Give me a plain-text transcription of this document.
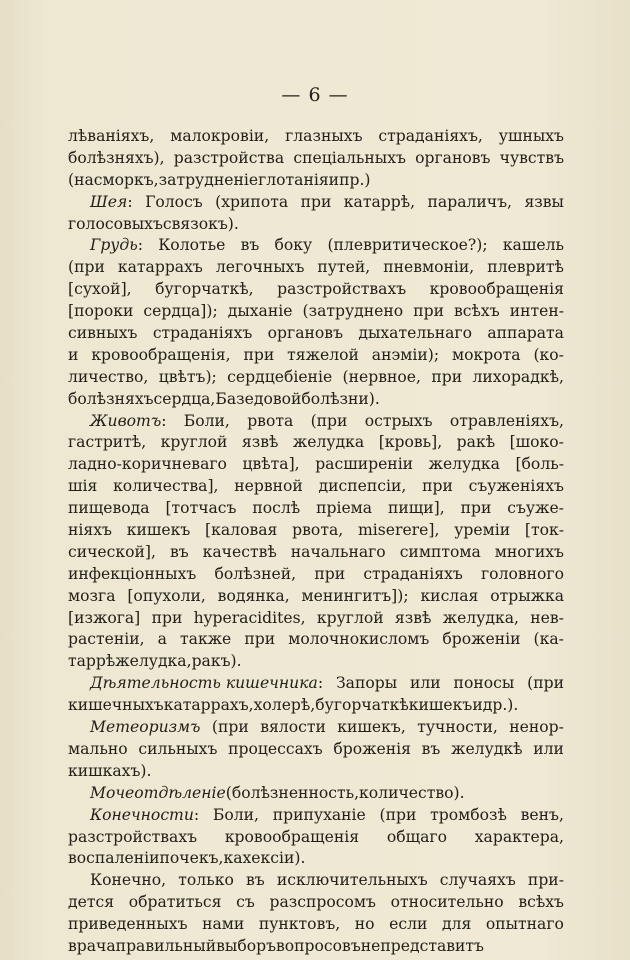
— 6 —
лѣваніяхъ, малокровіи, глазныхъ страданіяхъ, ушныхъ
болѣзняхъ), разстройства спеціальныхъ органовъ чувствъ
(насморкъ, затрудненіе глотанія и пр.)
Шея: Голосъ (хрипота при катаррѣ, параличъ, язвы
голосовыхъ связокъ).
Грудь: Колотье въ боку (плевритическое?); кашель
(при катаррахъ легочныхъ путей, пневмоніи, плевритѣ
[сухой], бугорчаткѣ, разстройствахъ кровообращенія
[пороки сердца]); дыханіе (затруднено при всѣхъ интен-
сивныхъ страданіяхъ органовъ дыхательнаго аппарата
и кровообращенія, при тяжелой анэміи); мокрота (ко-
личество, цвѣтъ); сердцебіеніе (нервное, при лихорадкѣ,
болѣзняхъ сердца, Базедовой болѣзни).
Животъ: Боли, рвота (при острыхъ отравленіяхъ,
гастритѣ, круглой язвѣ желудка [кровь], ракѣ [шоко-
ладно-коричневаго цвѣта], расширеніи желудка [боль-
шія количества], нервной диспепсіи, при съуженіяхъ
пищевода [тотчасъ послѣ пріема пищи], при съуже-
ніяхъ кишекъ [каловая рвота, miserere], уремiи [ток-
сической], въ качествѣ начальнаго симптома многихъ
инфекціонныхъ болѣзней, при страданіяхъ головного
мозга [опухоли, водянка, менингитъ]); кислая отрыжка
[изжога] при hyperacidites, круглой язвѣ желудка, нев-
растеніи, а также при молочнокисломъ броженіи (ка-
таррѣ желудка, ракъ).
Дѣятельность кишечника: Запоры или поносы (при
кишечныхъ катаррахъ, холерѣ, бугорчаткѣ кишекъ и др.).
Метеоризмъ (при вялости кишекъ, тучности, ненор-
мально сильныхъ процессахъ броженія въ желудкѣ или
кишкахъ).
Мочеотдѣленіе (болѣзненность, количество).
Конечности: Боли, припуханіе (при тромбозѣ венъ,
разстройствахъ кровообращенія общаго характера,
воспаленіи почекъ, кахексіи).
Конечно, только въ исключительныхъ случаяхъ при-
дется обратиться съ разспросомъ относительно всѣхъ
приведенныхъ нами пунктовъ, но если для опытнаго
врача правильный выборъ вопросовъ не представитъ
